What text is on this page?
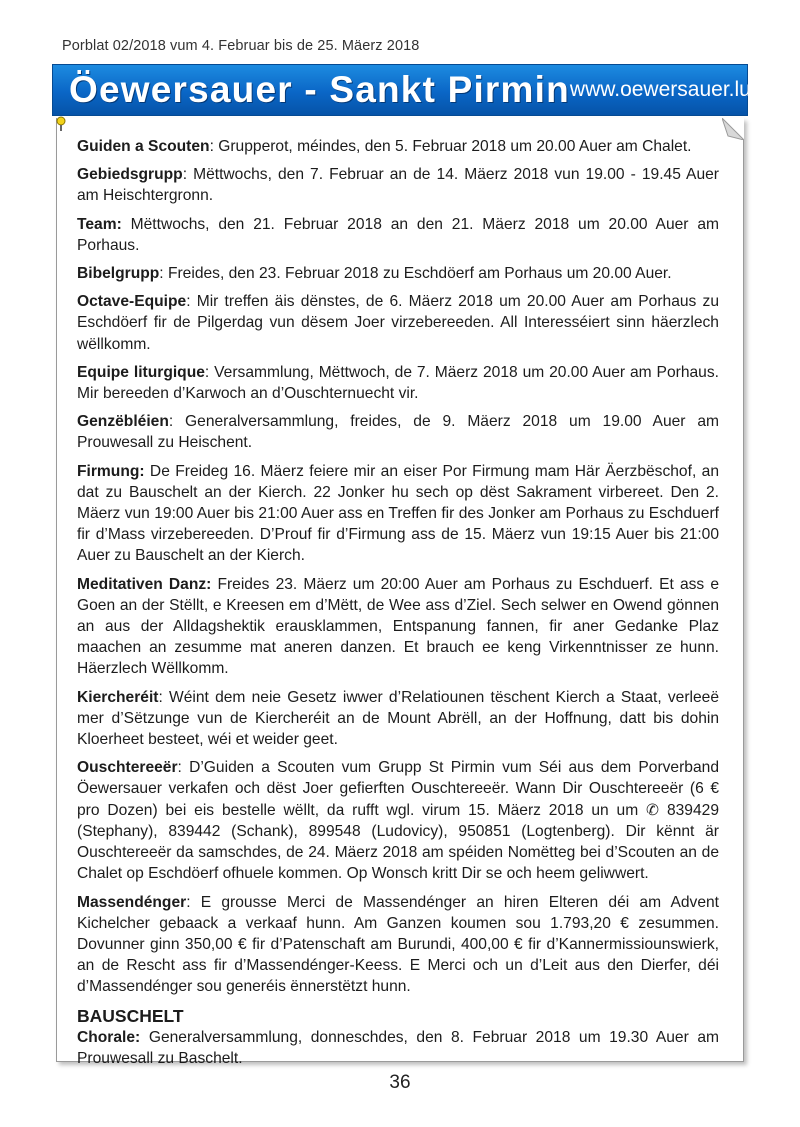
Porblat 02/2018 vum 4. Februar bis de 25. Mäerz 2018
Öewersauer - Sankt Pirmin www.oewersauer.lu

Guiden a Scouten: Grupperot, méindes, den 5. Februar 2018 um 20.00 Auer am Chalet.

Gebiedsgrupp: Mëttwochs, den 7. Februar an de 14. Mäerz 2018 vun 19.00 - 19.45 Auer am Heischtergronn.

Team: Mëttwochs, den 21. Februar 2018 an den 21. Mäerz 2018 um 20.00 Auer am Porhaus.

Bibelgrupp: Freides, den 23. Februar 2018 zu Eschdöerf am Porhaus um 20.00 Auer.

Octave-Equipe: Mir treffen äis dënstes, de 6. Mäerz 2018 um 20.00 Auer am Porhaus zu Eschdöerf fir de Pilgerdag vun dësem Joer virzebereeden. All Interesséiert sinn häerzlech wëllkomm.

Equipe liturgique: Versammlung, Mëttwoch, de 7. Mäerz 2018 um 20.00 Auer am Porhaus. Mir bereeden d’Karwoch an d’Ouschternuecht vir.

Genzëbléien: Generalversammlung, freides, de 9. Mäerz 2018 um 19.00 Auer am Prouwesall zu Heischent.

Firmung: De Freideg 16. Mäerz feiere mir an eiser Por Firmung mam Här Äerzbëschof, an dat zu Bauschelt an der Kierch. 22 Jonker hu sech op dëst Sakrament virbereet. Den 2. Mäerz vun 19:00 Auer bis 21:00 Auer ass en Treffen fir des Jonker am Porhaus zu Eschduerf fir d’Mass virzebereeden. D’Prouf fir d’Firmung ass de 15. Mäerz vun 19:15 Auer bis 21:00 Auer zu Bauschelt an der Kierch.

Meditativen Danz: Freides 23. Mäerz um 20:00 Auer am Porhaus zu Eschduerf. Et ass e Goen an der Stëllt, e Kreesen em d’Mëtt, de Wee ass d’Ziel. Sech selwer en Owend gönnen an aus der Alldagshektik erausklammen, Entspanung fannen, fir aner Gedanke Plaz maachen an zesumme mat aneren danzen. Et brauch ee keng Virkenntnisser ze hunn. Häerzlech Wëllkomm.

Kiercheréit: Wéint dem neie Gesetz iwwer d’Relatiounen tëschent Kierch a Staat, verleeë mer d’Sëtzunge vun de Kiercheréit an de Mount Abrëll, an der Hoffnung, datt bis dohin Kloerheet besteet, wéi et weider geet.

Ouschtereeër: D’Guiden a Scouten vum Grupp St Pirmin vum Séi aus dem Porverband Öewersauer verkafen och dëst Joer gefierften Ouschtereeër. Wann Dir Ouschtereeër (6 € pro Dozen) bei eis bestelle wëllt, da rufft wgl. virum 15. Mäerz 2018 un um ✆ 839429 (Stephany), 839442 (Schank), 899548 (Ludovicy), 950851 (Logtenberg). Dir kënnt är Ouschtereeër da samschdes, de 24. Mäerz 2018 am spéiden Nomëtteg bei d’Scouten an de Chalet op Eschdöerf ofhuele kommen. Op Wonsch kritt Dir se och heem geliwwert.

Massendénger: E grousse Merci de Massendénger an hiren Elteren déi am Advent Kichelcher gebaack a verkaaf hunn. Am Ganzen koumen sou 1.793,20 € zesummen. Dovunner ginn 350,00 € fir d’Patenschaft am Burundi, 400,00 € fir d’Kannermissiounswierk, an de Rescht ass fir d’Massendénger-Keess. E Merci och un d’Leit aus den Dierfer, déi d’Massendénger sou generéis ënnerstëtzt hunn.

BAUSCHELT

Chorale: Generalversammlung, donneschdes, den 8. Februar 2018 um 19.30 Auer am Prouwesall zu Baschelt.

36
